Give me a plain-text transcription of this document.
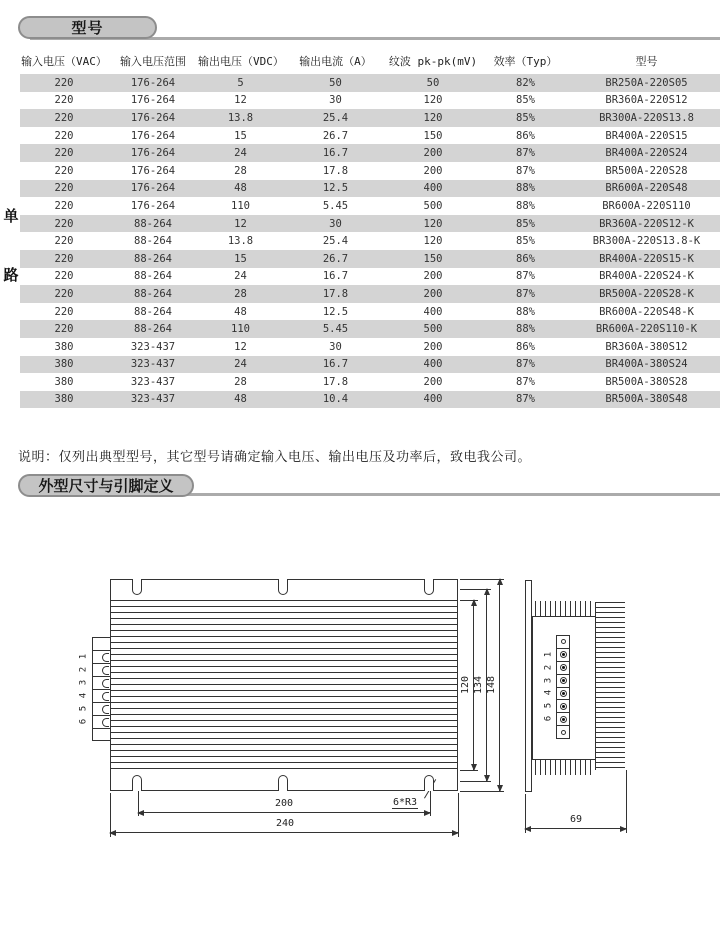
型号
输入电压（VAC）	输入电压范围	输出电压（VDC）	输出电流（A）	纹波 pk-pk(mV)	效率（Typ）	型号
220	176-264	5	50	50	82%	BR250A-220S05
220	176-264	12	30	120	85%	BR360A-220S12
220	176-264	13.8	25.4	120	85%	BR300A-220S13.8
220	176-264	15	26.7	150	86%	BR400A-220S15
220	176-264	24	16.7	200	87%	BR400A-220S24
220	176-264	28	17.8	200	87%	BR500A-220S28
220	176-264	48	12.5	400	88%	BR600A-220S48
220	176-264	110	5.45	500	88%	BR600A-220S110
220	88-264	12	30	120	85%	BR360A-220S12-K
220	88-264	13.8	25.4	120	85%	BR300A-220S13.8-K
220	88-264	15	26.7	150	86%	BR400A-220S15-K
220	88-264	24	16.7	200	87%	BR400A-220S24-K
220	88-264	28	17.8	200	87%	BR500A-220S28-K
220	88-264	48	12.5	400	88%	BR600A-220S48-K
220	88-264	110	5.45	500	88%	BR600A-220S110-K
380	323-437	12	30	200	86%	BR360A-380S12
380	323-437	24	16.7	400	87%	BR400A-380S24
380	323-437	28	17.8	200	87%	BR500A-380S28
380	323-437	48	10.4	400	87%	BR500A-380S48
单
路

说明：仅列出典型型号，其它型号请确定输入电压、输出电压及功率后，致电我公司。

外型尺寸与引脚定义
1
2
3
4
5
6
120 134 148
200
240
6*R3
1
2
3
4
5
6
69
